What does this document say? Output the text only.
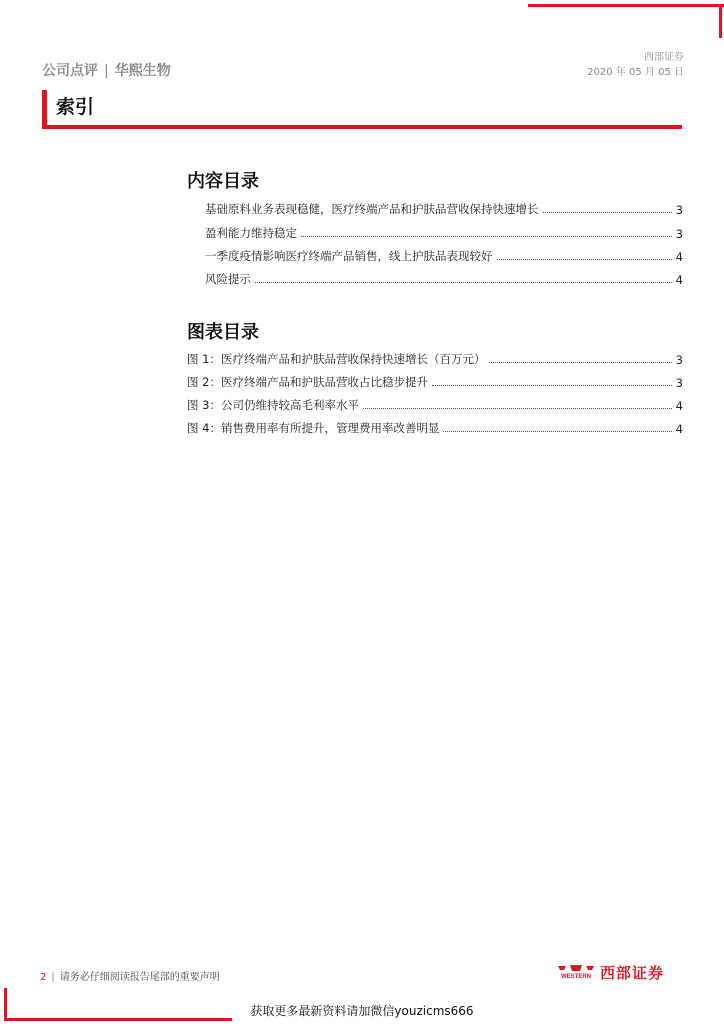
公司点评 | 华熙生物
西部证券
2020 年 05 月 05 日
索引
内容目录
基础原料业务表现稳健，医疗终端产品和护肤品营收保持快速增长	3
盈利能力维持稳定	3
一季度疫情影响医疗终端产品销售，线上护肤品表现较好	4
风险提示	4
图表目录
图 1：医疗终端产品和护肤品营收保持快速增长（百万元）	3
图 2：医疗终端产品和护肤品营收占比稳步提升	3
图 3：公司仍维持较高毛利率水平	4
图 4：销售费用率有所提升，管理费用率改善明显	4
2 | 请务必仔细阅读报告尾部的重要声明	WESTERN 西部证券
获取更多最新资料请加微信youzicms666
